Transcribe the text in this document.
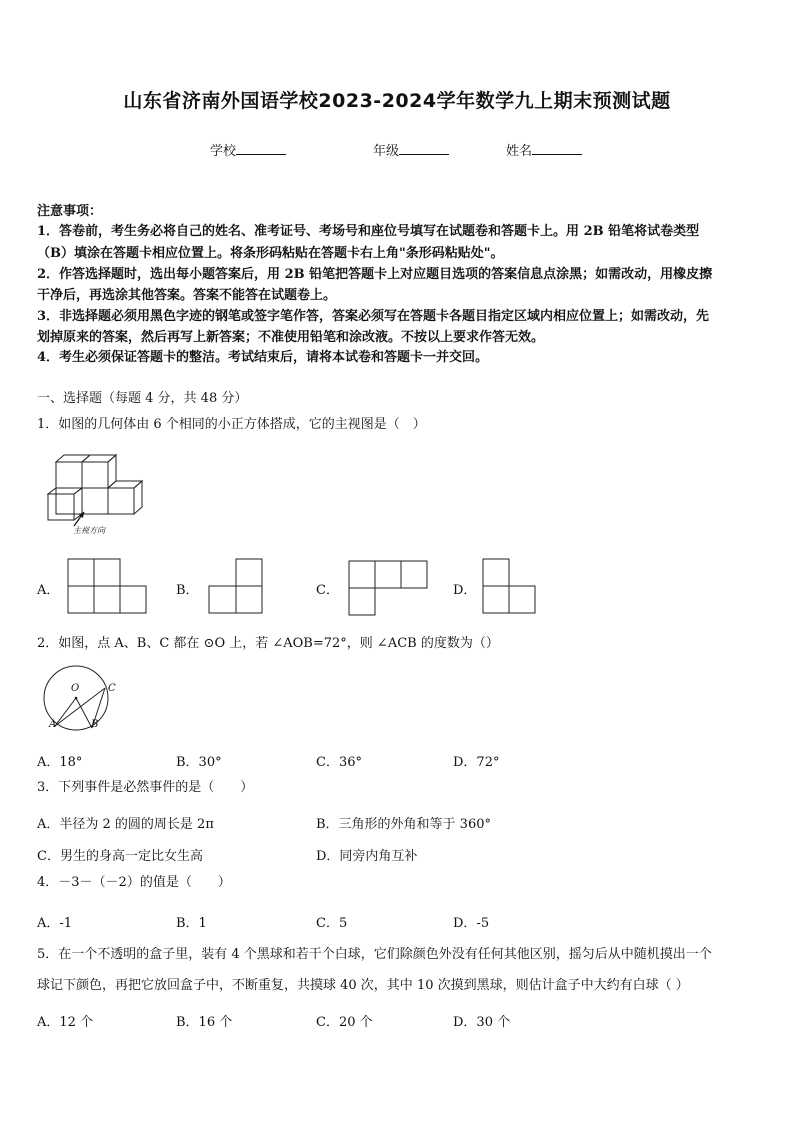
山东省济南外国语学校2023-2024学年数学九上期末预测试题
学校	年级	姓名
注意事项：
1．答卷前，考生务必将自己的姓名、准考证号、考场号和座位号填写在试题卷和答题卡上。用 2B 铅笔将试卷类型
（B）填涂在答题卡相应位置上。将条形码粘贴在答题卡右上角"条形码粘贴处"。
2．作答选择题时，选出每小题答案后，用 2B 铅笔把答题卡上对应题目选项的答案信息点涂黑；如需改动，用橡皮擦
干净后，再选涂其他答案。答案不能答在试题卷上。
3．非选择题必须用黑色字迹的钢笔或签字笔作答，答案必须写在答题卡各题目指定区域内相应位置上；如需改动，先
划掉原来的答案，然后再写上新答案；不准使用铅笔和涂改液。不按以上要求作答无效。
4．考生必须保证答题卡的整洁。考试结束后，请将本试卷和答题卡一并交回。
一、选择题（每题 4 分，共 48 分）
1．如图的几何体由 6 个相同的小正方体搭成，它的主视图是（　）
主视方向
A．	B．	C．	D．
2．如图，点 A、B、C 都在 ⊙O 上，若 ∠AOB=72°，则 ∠ACB 的度数为（）
O	C
A	B
A．18°	B．30°	C．36°	D．72°
3．下列事件是必然事件的是（　　）
A．半径为 2 的圆的周长是 2π	B．三角形的外角和等于 360°
C．男生的身高一定比女生高	D．同旁内角互补
4．－3－（－2）的值是（　　）
A．-1	B．1	C．5	D．-5
5．在一个不透明的盒子里，装有 4 个黑球和若干个白球，它们除颜色外没有任何其他区别，摇匀后从中随机摸出一个
球记下颜色，再把它放回盒子中，不断重复，共摸球 40 次，其中 10 次摸到黑球，则估计盒子中大约有白球（ ）
A．12 个	B．16 个	C．20 个	D．30 个
